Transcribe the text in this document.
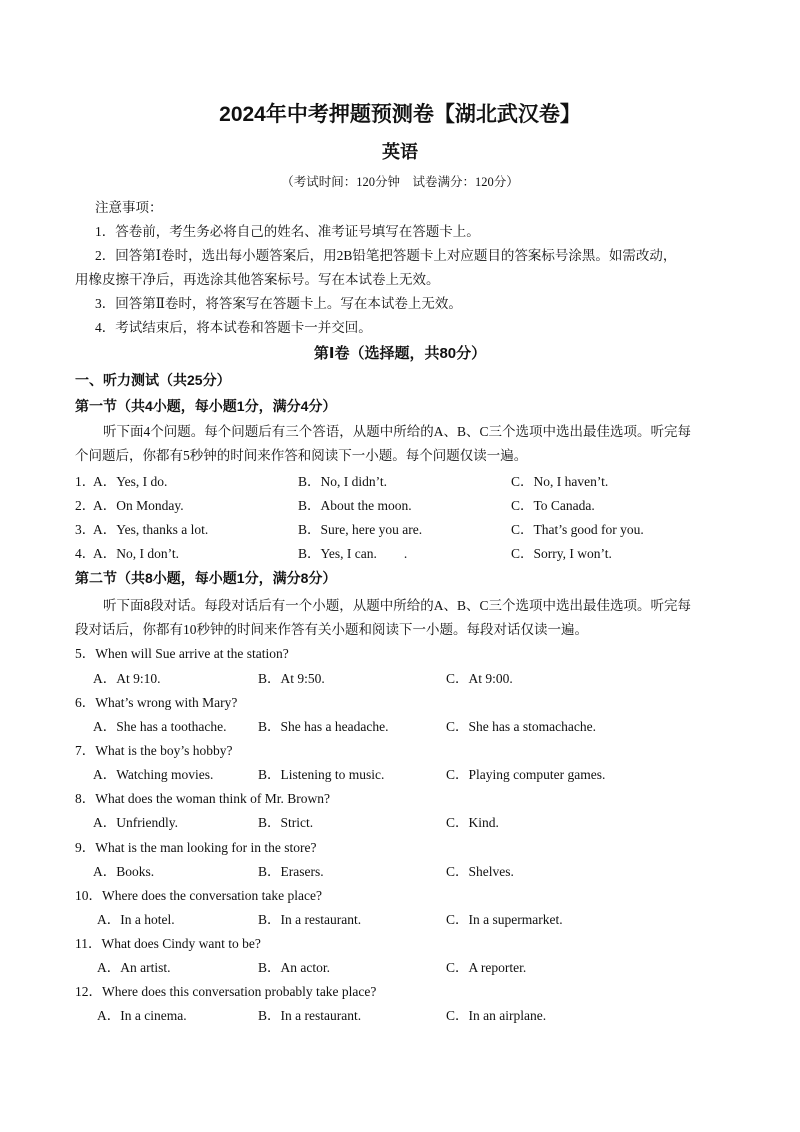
2024年中考押题预测卷【湖北武汉卷】
英语
（考试时间：120分钟　试卷满分：120分）
注意事项：
1．答卷前，考生务必将自己的姓名、准考证号填写在答题卡上。
2．回答第Ⅰ卷时，选出每小题答案后，用2B铅笔把答题卡上对应题目的答案标号涂黑。如需改动，
用橡皮擦干净后，再选涂其他答案标号。写在本试卷上无效。
3．回答第Ⅱ卷时，将答案写在答题卡上。写在本试卷上无效。
4．考试结束后，将本试卷和答题卡一并交回。
第Ⅰ卷（选择题，共80分）
一、听力测试（共25分）
第一节（共4小题，每小题1分，满分4分）
听下面4个问题。每个问题后有三个答语，从题中所给的A、B、C三个选项中选出最佳选项。听完每
个问题后，你都有5秒钟的时间来作答和阅读下一小题。每个问题仅读一遍。
1．
A．Yes, I do.	B．No, I didn’t.	C．No, I haven’t.
2．
A．On Monday.	B．About the moon.	C．To Canada.
3．
A．Yes, thanks a lot.	B．Sure, here you are.	C．That’s good for you.
4．
A．No, I don’t.	B．Yes, I can.　　.	C．Sorry, I won’t.
第二节（共8小题，每小题1分，满分8分）
听下面8段对话。每段对话后有一个小题，从题中所给的A、B、C三个选项中选出最佳选项。听完每
段对话后，你都有10秒钟的时间来作答有关小题和阅读下一小题。每段对话仅读一遍。
5．When will Sue arrive at the station?
A．At 9:10.	B．At 9:50.	C．At 9:00.
6．What’s wrong with Mary?
A．She has a toothache. B．She has a headache.	C．She has a stomachache.
7．What is the boy’s hobby?
A．Watching movies.	B．Listening to music.	C．Playing computer games.
8．What does the woman think of Mr. Brown?
A．Unfriendly.	B．Strict.	C．Kind.
9．What is the man looking for in the store?
A．Books.	B．Erasers.	C．Shelves.
10．Where does the conversation take place?
A．In a hotel.	B．In a restaurant.	C．In a supermarket.
11．What does Cindy want to be?
A．An artist.	B．An actor.	C．A reporter.
12．Where does this conversation probably take place?
A．In a cinema.	B．In a restaurant.	C．In an airplane.
